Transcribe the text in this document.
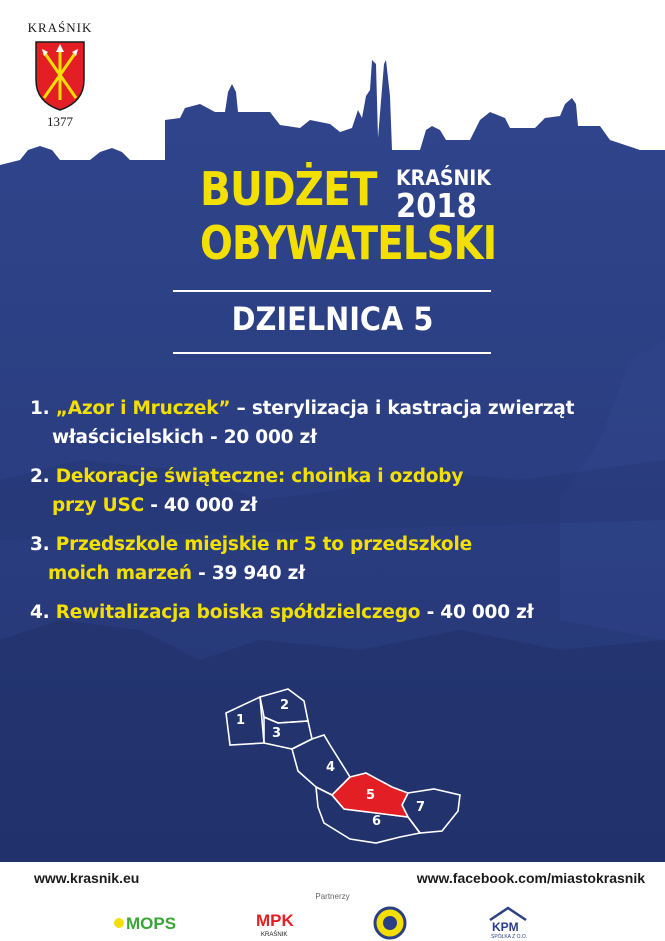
KRAŚNIK
1377
BUDŻET KRAŚNIK
2018
OBYWATELSKI
DZIELNICA 5
1. „Azor i Mruczek” – sterylizacja i kastracja zwierząt
właścicielskich - 20 000 zł
2. Dekoracje świąteczne: choinka i ozdoby
przy USC - 40 000 zł
3. Przedszkole miejskie nr 5 to przedszkole
moich marzeń - 39 940 zł
4. Rewitalizacja boiska spółdzielczego - 40 000 zł
1
2
3
4
5
6
7
www.krasnik.eu	www.facebook.com/miastokrasnik
Partnerzy
MOPS	MPK
KRAŚNIK
KPM
SPÓŁKA Z O.O.
